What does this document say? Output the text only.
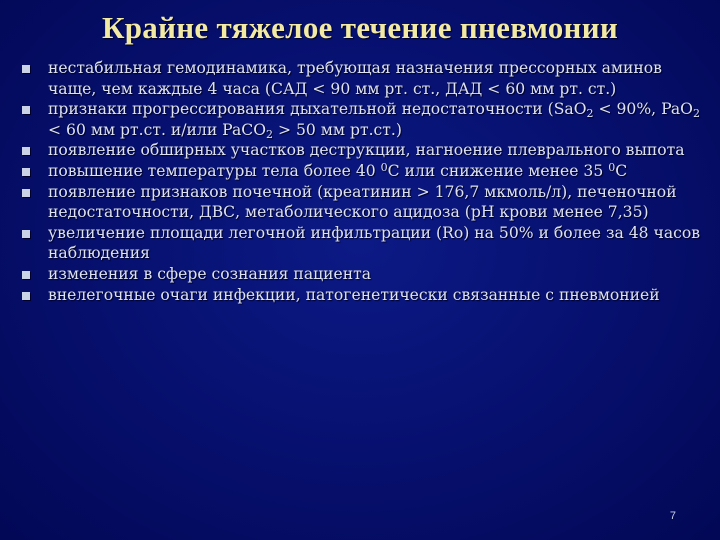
Крайне тяжелое течение пневмонии
нестабильная гемодинамика, требующая назначения прессорных аминов чаще, чем каждые 4 часа (САД < 90 мм рт. ст., ДАД < 60 мм рт. ст.)
признаки прогрессирования дыхательной недостаточности (SaO$_2$ < 90%, PaO$_2$ < 60 мм рт.ст. и/или PaCO$_2$ > 50 мм рт.ст.)
появление обширных участков деструкции, нагноение плеврального выпота
повышение температуры тела более 40 $^0$С или снижение менее 35 $^0$С
появление признаков почечной (креатинин > 176,7 мкмоль/л), печеночной недостаточности, ДВС, метаболического ацидоза (рН крови менее 7,35)
увеличение площади легочной инфильтрации (Ro) на 50% и более за 48 часов наблюдения
изменения в сфере сознания пациента
внелегочные очаги инфекции, патогенетически связанные с пневмонией
7
